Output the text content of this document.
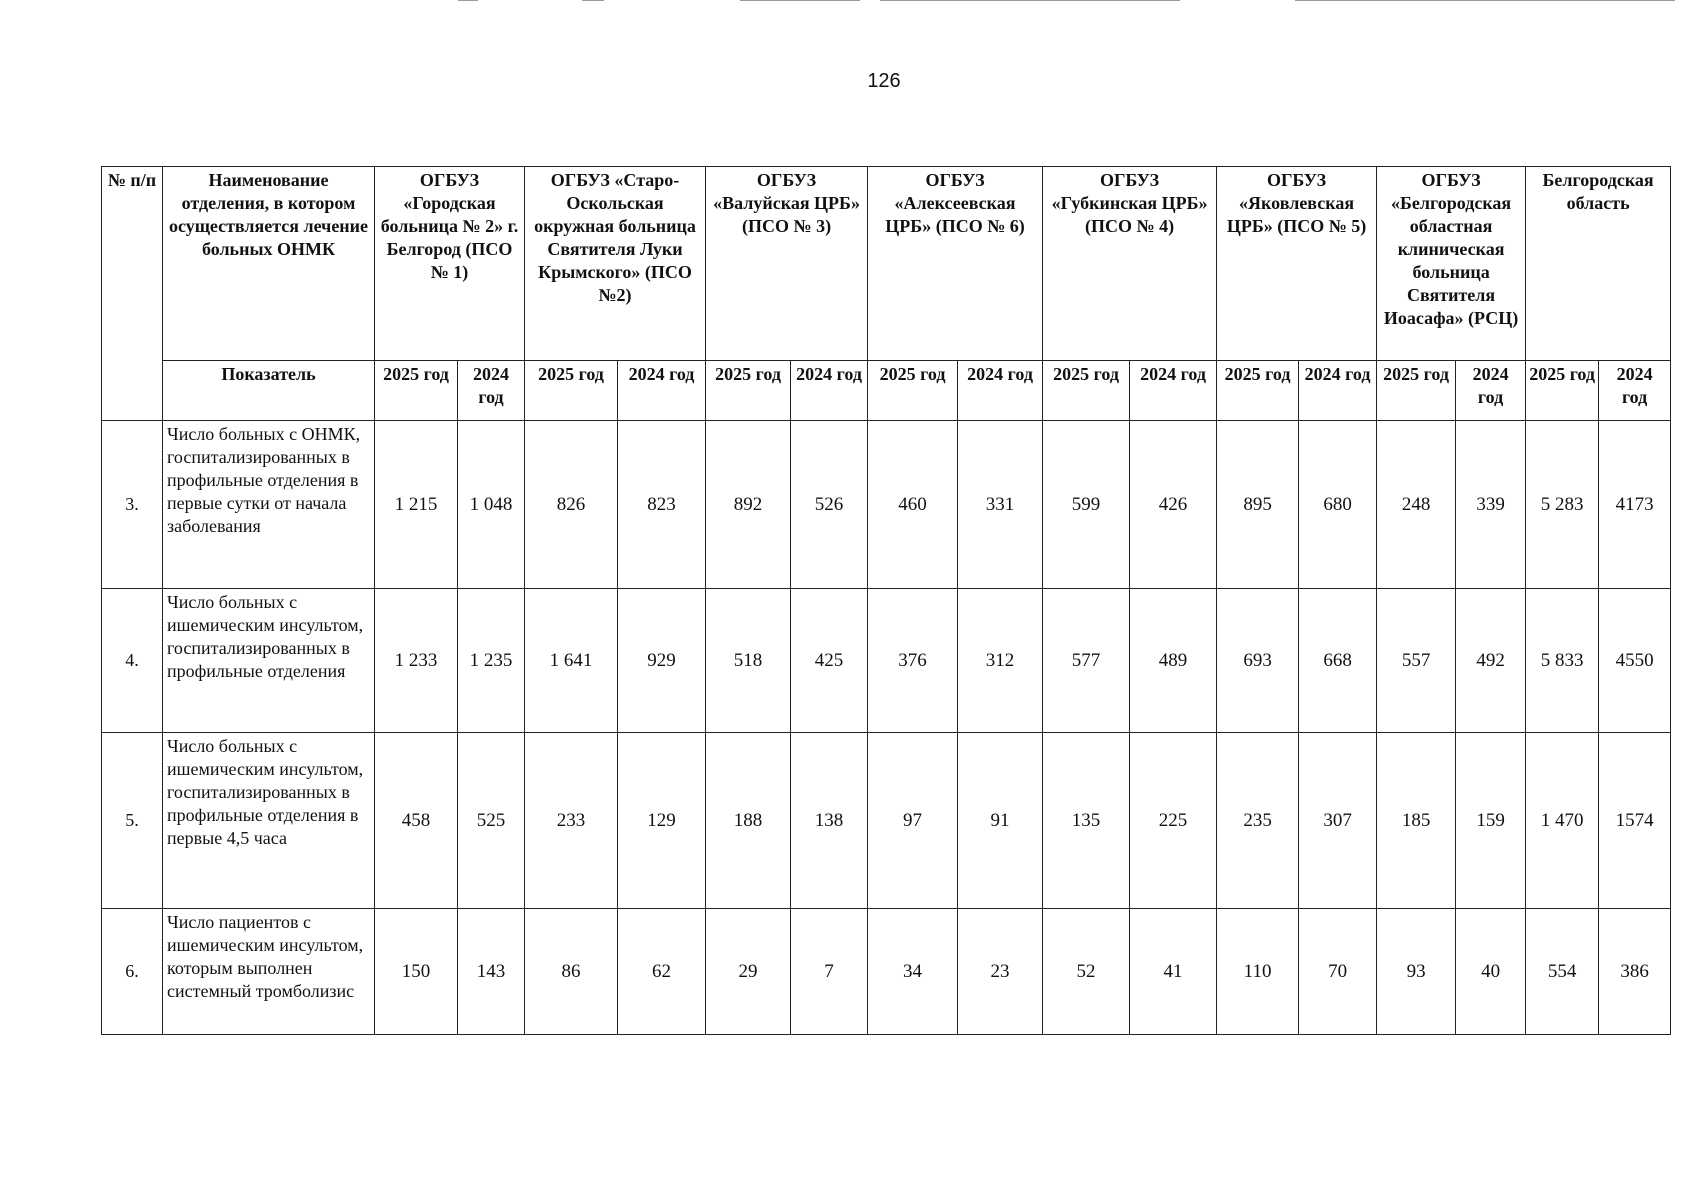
126
№ п/п	Наименование отделения, в котором осуществляется лечение больных ОНМК	ОГБУЗ «Городская больница № 2» г. Белгород (ПСО № 1)		ОГБУЗ «Старо-Оскольская окружная больница Святителя Луки Крымского» (ПСО №2)		ОГБУЗ «Валуйская ЦРБ» (ПСО № 3)		ОГБУЗ «Алексеевская ЦРБ» (ПСО № 6)		ОГБУЗ «Губкинская ЦРБ» (ПСО № 4)		ОГБУЗ «Яковлевская ЦРБ» (ПСО № 5)		ОГБУЗ «Белгородская областная клиническая больница Святителя Иоасафа» (РСЦ)		Белгородская область	
	Показатель	2025 год	2024 год	2025 год	2024 год	2025 год	2024 год	2025 год	2024 год	2025 год	2024 год	2025 год	2024 год	2025 год	2024 год	2025 год	2024 год
3.	Число больных с ОНМК, госпитализированных в профильные отделения в первые сутки от начала заболевания	1 215	1 048	826	823	892	526	460	331	599	426	895	680	248	339	5 283	4173
4.	Число больных с ишемическим инсультом, госпитализированных в профильные отделения	1 233	1 235	1 641	929	518	425	376	312	577	489	693	668	557	492	5 833	4550
5.	Число больных с ишемическим инсультом, госпитализированных в профильные отделения в первые 4,5 часа	458	525	233	129	188	138	97	91	135	225	235	307	185	159	1 470	1574
6.	Число пациентов с ишемическим инсультом, которым выполнен системный тромболизис	150	143	86	62	29	7	34	23	52	41	110	70	93	40	554	386
